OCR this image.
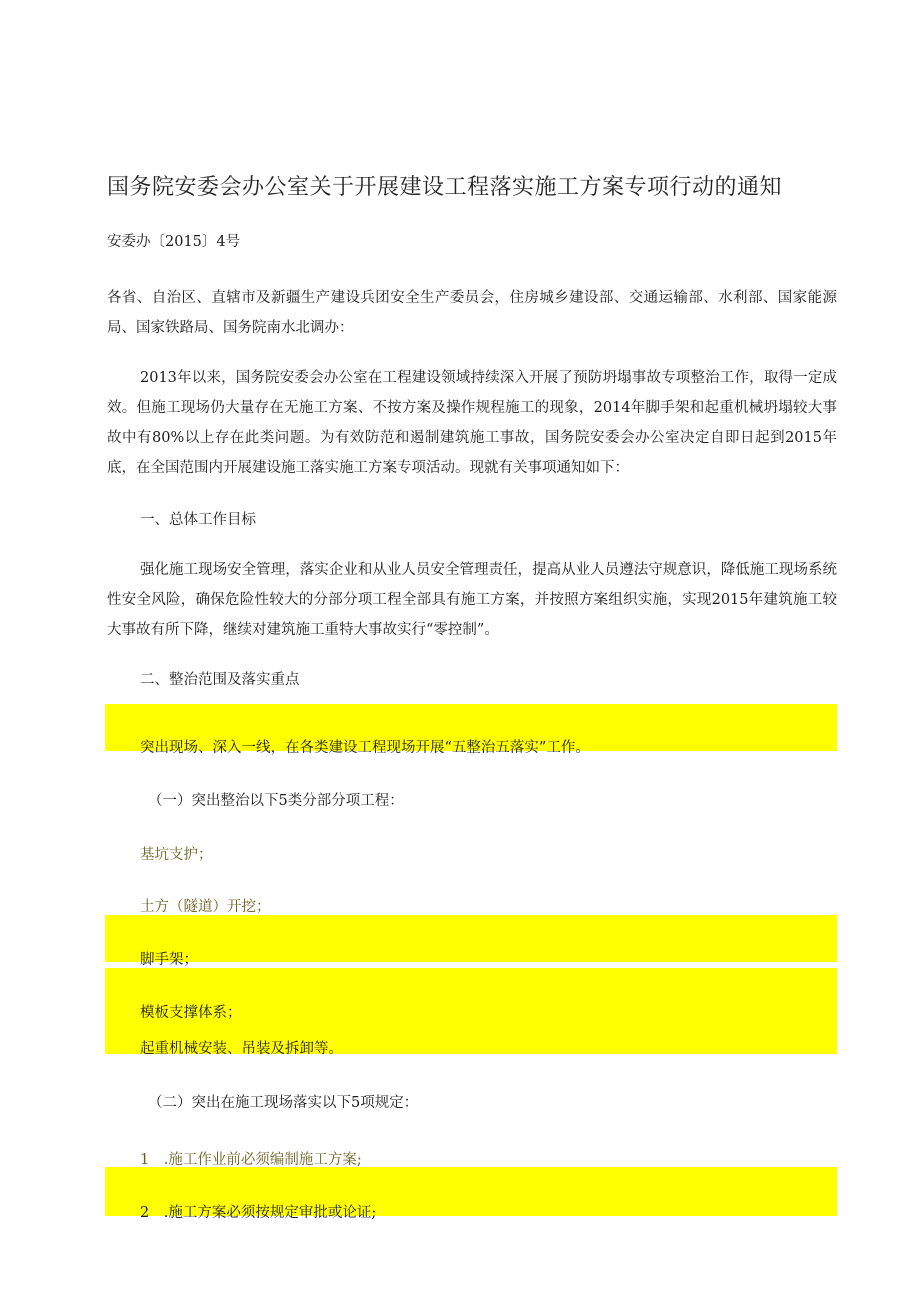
国务院安委会办公室关于开展建设工程落实施工方案专项行动的通知

安委办〔2015〕4号

各省、自治区、直辖市及新疆生产建设兵团安全生产委员会，住房城乡建设部、交通运输部、水利部、国家能源局、国家铁路局、国务院南水北调办：

2013年以来，国务院安委会办公室在工程建设领域持续深入开展了预防坍塌事故专项整治工作，取得一定成效。但施工现场仍大量存在无施工方案、不按方案及操作规程施工的现象，2014年脚手架和起重机械坍塌较大事故中有80%以上存在此类问题。为有效防范和遏制建筑施工事故，国务院安委会办公室决定自即日起到2015年底，在全国范围内开展建设施工落实施工方案专项活动。现就有关事项通知如下：

一、总体工作目标

强化施工现场安全管理，落实企业和从业人员安全管理责任，提高从业人员遵法守规意识，降低施工现场系统性安全风险，确保危险性较大的分部分项工程全部具有施工方案，并按照方案组织实施，实现2015年建筑施工较大事故有所下降，继续对建筑施工重特大事故实行“零控制”。

二、整治范围及落实重点

突出现场、深入一线，在各类建设工程现场开展“五整治五落实”工作。

（一）突出整治以下5类分部分项工程：

基坑支护；

土方（隧道）开挖；

脚手架；

模板支撑体系；

起重机械安装、吊装及拆卸等。

（二）突出在施工现场落实以下5项规定：

1　.施工作业前必须编制施工方案;

2　.施工方案必须按规定审批或论证;
